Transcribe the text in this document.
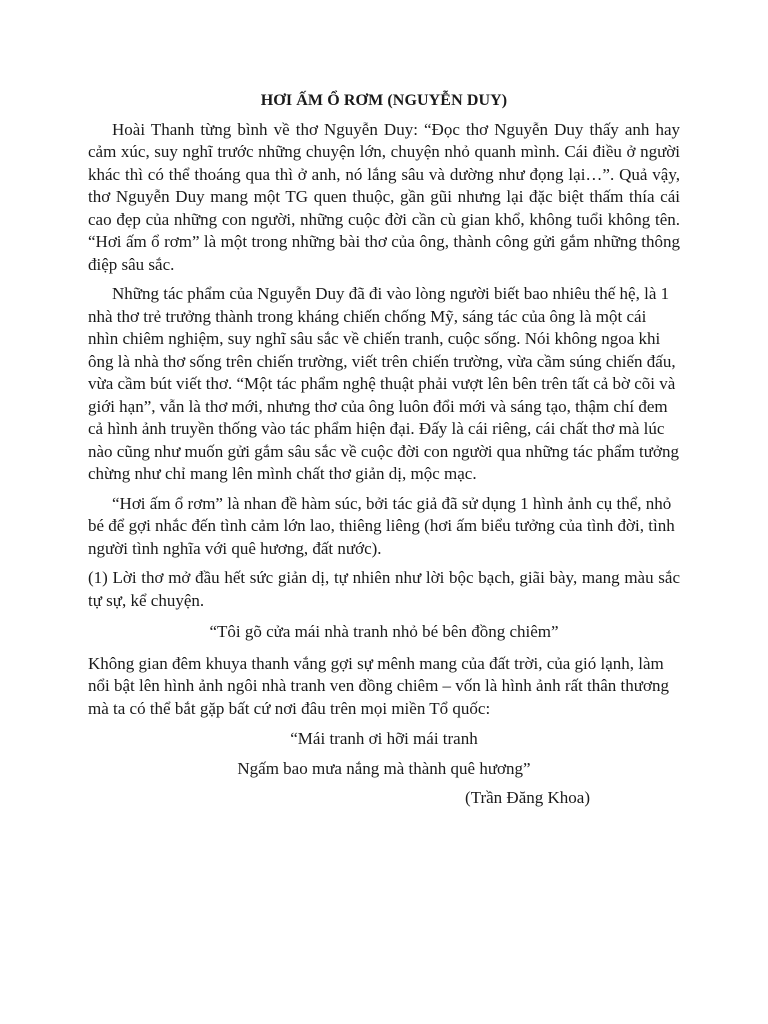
HƠI ẤM Ổ RƠM (NGUYỄN DUY)

Hoài Thanh từng bình về thơ Nguyễn Duy: “Đọc thơ Nguyễn Duy thấy anh hay cảm xúc, suy nghĩ trước những chuyện lớn, chuyện nhỏ quanh mình. Cái điều ở người khác thì có thể thoáng qua thì ở anh, nó lắng sâu và dường như đọng lại…”. Quả vậy, thơ Nguyễn Duy mang một TG quen thuộc, gần gũi nhưng lại đặc biệt thấm thía cái cao đẹp của những con người, những cuộc đời cần cù gian khổ, không tuổi không tên. “Hơi ấm ổ rơm” là một trong những bài thơ của ông, thành công gửi gắm những thông điệp sâu sắc.

Những tác phẩm của Nguyễn Duy đã đi vào lòng người biết bao nhiêu thế hệ, là 1 nhà thơ trẻ trưởng thành trong kháng chiến chống Mỹ, sáng tác của ông là một cái nhìn chiêm nghiệm, suy nghĩ sâu sắc về chiến tranh, cuộc sống. Nói không ngoa khi ông là nhà thơ sống trên chiến trường, viết trên chiến trường, vừa cầm súng chiến đấu, vừa cầm bút viết thơ. “Một tác phẩm nghệ thuật phải vượt lên bên trên tất cả bờ cõi và giới hạn”, vẫn là thơ mới, nhưng thơ của ông luôn đổi mới và sáng tạo, thậm chí đem cả hình ảnh truyền thống vào tác phẩm hiện đại. Đấy là cái riêng, cái chất thơ mà lúc nào cũng như muốn gửi gắm sâu sắc về cuộc đời con người qua những tác phẩm tưởng chừng như chỉ mang lên mình chất thơ giản dị, mộc mạc.

“Hơi ấm ổ rơm” là nhan đề hàm súc, bởi tác giả đã sử dụng 1 hình ảnh cụ thể, nhỏ bé để gợi nhắc đến tình cảm lớn lao, thiêng liêng (hơi ấm biểu tưởng của tình đời, tình người tình nghĩa với quê hương, đất nước).

(1) Lời thơ mở đầu hết sức giản dị, tự nhiên như lời bộc bạch, giãi bày, mang màu sắc tự sự, kể chuyện.

“Tôi gõ cửa mái nhà tranh nhỏ bé bên đồng chiêm”

Không gian đêm khuya thanh vắng gợi sự mênh mang của đất trời, của gió lạnh, làm nổi bật lên hình ảnh ngôi nhà tranh ven đồng chiêm – vốn là hình ảnh rất thân thương mà ta có thể bắt gặp bất cứ nơi đâu trên mọi miền Tổ quốc:

“Mái tranh ơi hỡi mái tranh
Ngấm bao mưa nắng mà thành quê hương”
(Trần Đăng Khoa)
